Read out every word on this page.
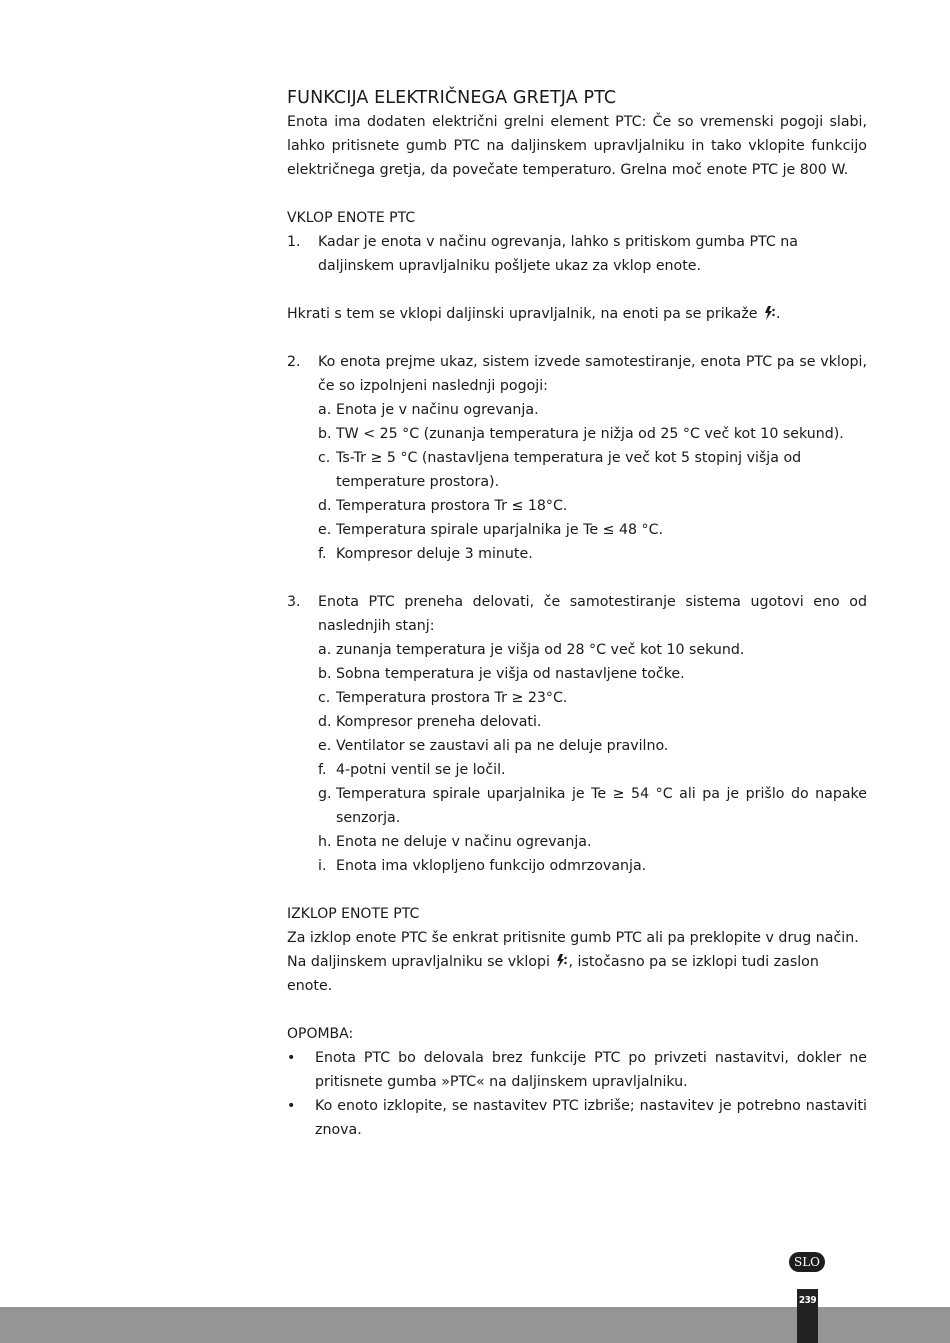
FUNKCIJA ELEKTRIČNEGA GRETJA PTC

Enota ima dodaten električni grelni element PTC: Če so vremenski pogoji slabi, lahko pritisnete gumb PTC na daljinskem upravljalniku in tako vklopite funkcijo električnega gretja, da povečate temperaturo. Grelna moč enote PTC je 800 W.

VKLOP ENOTE PTC
1. Kadar je enota v načinu ogrevanja, lahko s pritiskom gumba PTC na daljinskem upravljalniku pošljete ukaz za vklop enote.

Hkrati s tem se vklopi daljinski upravljalnik, na enoti pa se prikaže .

2. Ko enota prejme ukaz, sistem izvede samotestiranje, enota PTC pa se vklopi, če so izpolnjeni naslednji pogoji:
a. Enota je v načinu ogrevanja.
b. TW < 25 °C (zunanja temperatura je nižja od 25 °C več kot 10 sekund).
c. Ts-Tr ≥ 5 °C (nastavljena temperatura je več kot 5 stopinj višja od temperature prostora).
d. Temperatura prostora Tr ≤ 18°C.
e. Temperatura spirale uparjalnika je Te ≤ 48 °C.
f. Kompresor deluje 3 minute.
3. Enota PTC preneha delovati, če samotestiranje sistema ugotovi eno od naslednjih stanj:
a. zunanja temperatura je višja od 28 °C več kot 10 sekund.
b. Sobna temperatura je višja od nastavljene točke.
c. Temperatura prostora Tr ≥ 23°C.
d. Kompresor preneha delovati.
e. Ventilator se zaustavi ali pa ne deluje pravilno.
f. 4-potni ventil se je ločil.
g. Temperatura spirale uparjalnika je Te ≥ 54 °C ali pa je prišlo do napake senzorja.
h. Enota ne deluje v načinu ogrevanja.
i. Enota ima vklopljeno funkcijo odmrzovanja.
IZKLOP ENOTE PTC

Za izklop enote PTC še enkrat pritisnite gumb PTC ali pa preklopite v drug način.

Na daljinskem upravljalniku se vklopi , istočasno pa se izklopi tudi zaslon enote.

OPOMBA:
• Enota PTC bo delovala brez funkcije PTC po privzeti nastavitvi, dokler ne pritisnete gumba »PTC« na daljinskem upravljalniku.
• Ko enoto izklopite, se nastavitev PTC izbriše; nastavitev je potrebno nastaviti znova.
SLO
239
